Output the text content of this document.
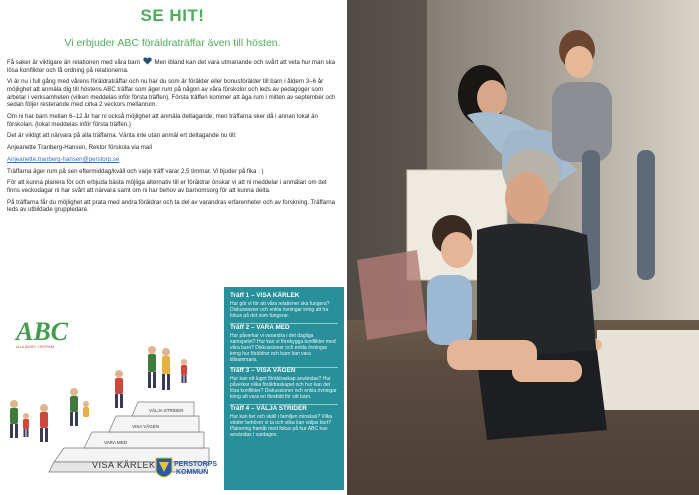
SE HIT!
Vi erbjuder ABC föräldraträffar även till hösten.

Få saker är viktigare än relationen med våra barn Men ibland kan det vara utmanande och svårt att veta hur man ska lösa konflikter och få ordning på relationerna.

Vi är nu i full gång med vårens föräldraträffar och nu har du som är förälder eller bonusförälder till barn i åldern 3–6 år möjlighet att anmäla dig till höstens ABC träffar som äger rum på någon av våra förskolor och leds av pedagoger som arbetar i verksamheten (vilken meddelas inför första träffen). Första träffen kommer att äga rum i mitten av september och sedan följer resterande med cirka 2 veckors mellanrum.

Om ni har barn mellan 6–12 år har ni också möjlighet att anmäla deltagande, men träffarna sker då i annan lokal än förskolan. (lokal meddelas inför första träffen.)

Det är viktigt att närvara på alla träffarna. Vänta inte utan anmäl ert deltagande nu till:

Anjeanette Tranberg-Hansen, Rektor förskola via mail

Anjeanette.tranberg-hansen@perstorp.se

Träffarna äger rum på sen eftermiddag/kväll och varje träff varar 2,5 timmar. Vi bjuder på fika : )

För att kunna planera för och erbjuda bästa möjliga alternativ till er föräldrar önskar vi att ni meddelar i anmälan om det finns veckodagar ni har svårt att närvara samt om ni har behov av barnomsorg för att kunna delta.

På träffarna får du möjlighet att prata med andra föräldrar och ta del av varandras erfarenheter och av forskning. Träffarna leds av utbildade gruppledare.

ABC
ALLA BARN I CENTRUM
VISA KÄRLEK
VARA MED
VISA VÄGEN
VÄLJA STRIDER
PERSTORPS
KOMMUN
Träff 1 – VISA KÄRLEK
Hur gör vi för att våra relationer ska fungera? Diskussioner och enkla övningar kring att ha fokus på det som fungerar.
Träff 2 – VARA MED
Hur påverkar vi varandra i det dagliga samspelet? Hur kan vi förebygga konflikter med våra barn? Diskussioner och enkla övningar kring hur föräldrar och barn kan vara tillsammans.
Träff 3 – VISA VÄGEN
Hur kan ett lugnt föräldraskap användas? Hur påverkar olika föräldraskapet och hur kan det lösa konflikter? Diskussioner och enkla övningar kring att vara en förebild för sitt barn.
Träff 4 – VÄLJA STRIDER
Hur kan tiet och skäll i familjen minskas? Vilka strider behöver vi ta och vilka kan väljas bort? Planering framåt med fokus på hur ABC kan användas i vardagen.
